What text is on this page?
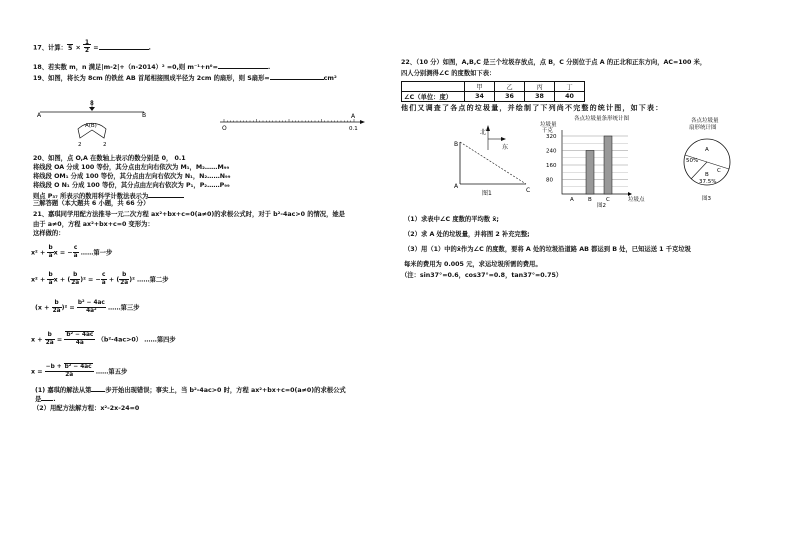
17、计算：$5 \times \frac{1}{2}$ =	.
18、若实数 m，n 满足|m-2|+（n-2014）² =0,则 m⁻¹+n⁰=	.
19、如图，将长为 8cm 的铁丝 AB 首尾相接围成半径为 2cm 的扇形，则 S扇形=	cm²
A	B
8
A(B)
2	2
O
A
0.1
20、如图，点 O,A 在数轴上表示的数分别是 0， 0.1
将线段 OA 分成 100 等份，其分点由左向右依次为 M₁，M₂……M₉₉
将线段 OM₁ 分成 100 等份，其分点由左向右依次为 N₁，N₂……N₉₉
将线段 O N₁ 分成 100 等份，其分点由左向右依次为 P₁，P₂……P₉₉
则点 P₃₇ 所表示的数用科学计数法表示为
三解答题（本大题共 6 小题，共 66 分）
21、嘉琪同学用配方法推导一元二次方程 ax²+bx+c=0(a≠0)的求根公式时，对于 b²-4ac>0 的情况，她是
由于 a≠0，方程 ax²+bx+c=0 变形为：
这样做的：
$x^2 + \frac{b}{a}$ x = − $\frac{c}{a}$ ……第一步
$x^2 + \frac{b}{a}$ x + ( $\frac{b}{2a} )^2$ = − $\frac{c}{a}$ + ( $\frac{b}{2a} )^2$ ……第二步
$(x + \frac{b}{2a} )^2 = \frac{\text{b² − 4ac}}{\text{4a²}}$ ……第三步
$x + \frac{b}{2a} = \frac{\text{b² − 4ac}}{4a} (b^2-4ac>0)$ ……第四步
$x = \frac{\text{−b + b² − 4ac}}{2a}$ ……第五步
(1) 嘉琪的解法从第 步开始出现错误；事实上，当 b²-4ac>0 时，方程 ax²+bx+c=0(a≠0)的求根公式
是 .
（2）用配方法解方程：x²-2x-24=0
22、（10 分）如图，A,B,C 是三个垃圾存放点，点 B，C 分别位于点 A 的正北和正东方向，AC=100 米，
四人分别测得∠C 的度数如下表：
	甲	乙	丙	丁
∠C（单位：度）	34	36	38	40
他们又调查了各点的垃圾量，并绘制了下列尚不完整的统计图，如下表：
北
东
B
A
C
图1
各点垃圾量条形统计图
垃圾量
千克
A	B	C
320
240
160
80
垃圾点
图2
各点垃圾量
扇形统计图
A
50%
C
B
37.5%
图3
（1）求表中∠C 度数的平均数 x̄;
（2）求 A 处的垃圾量，并将图 2 补充完整;
（3）用（1）中的x̄作为∠C 的度数，要将 A 处的垃圾沿道路 AB 都运到 B 处，已知运送 1 千克垃圾
每米的费用为 0.005 元，求运垃圾所需的费用。
（注：sin37°=0.6，cos37°=0.8，tan37°=0.75）
